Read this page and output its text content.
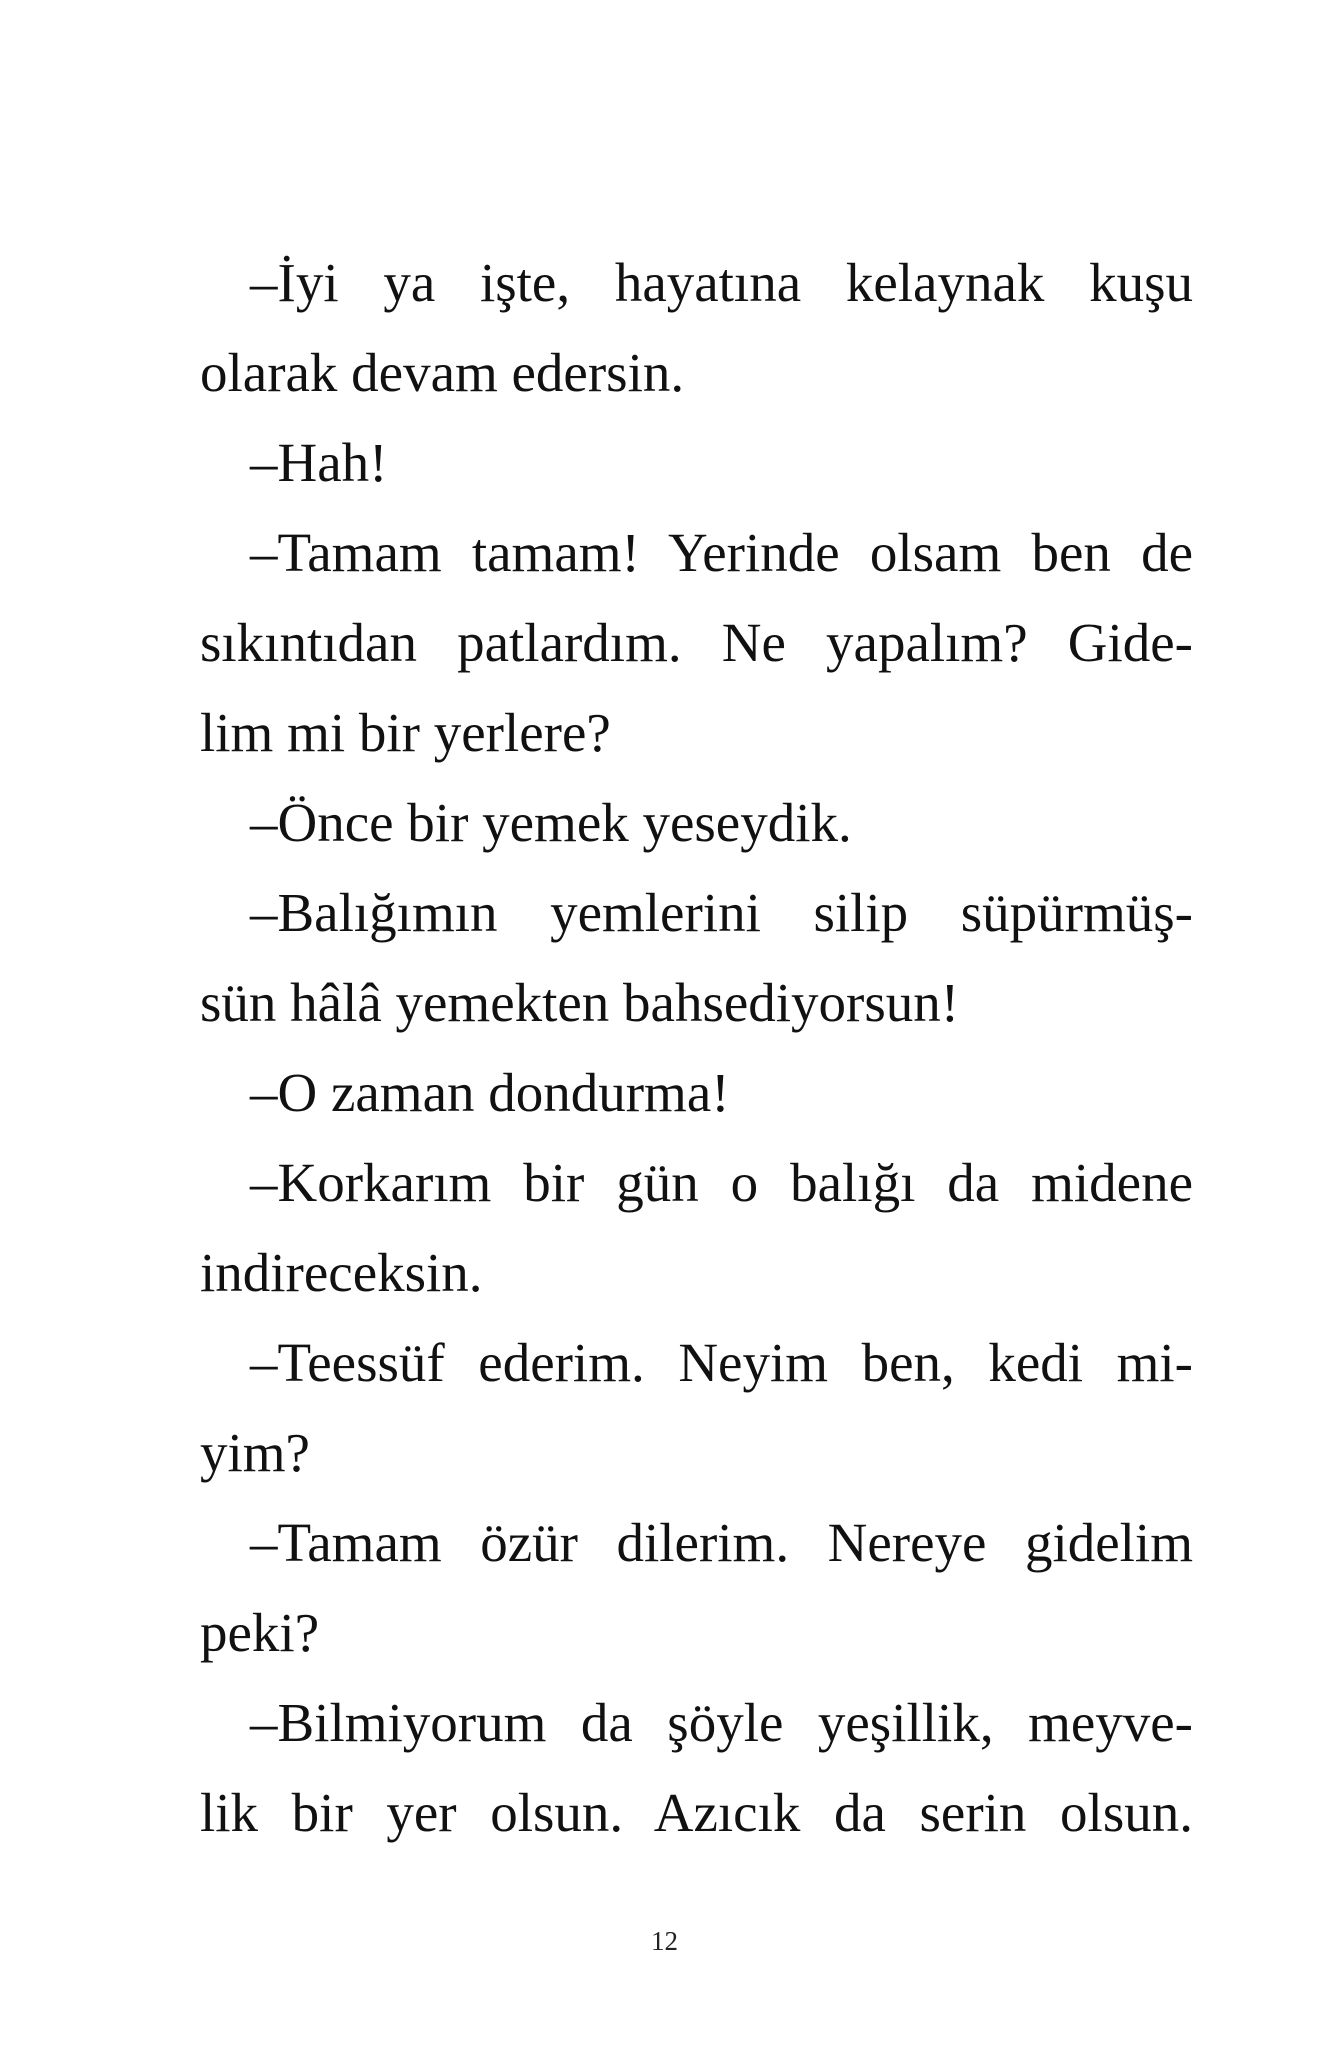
–İyi ya işte, hayatına kelaynak kuşu
olarak devam edersin.
–Hah!
–Tamam tamam! Yerinde olsam ben de
sıkıntıdan patlardım. Ne yapalım? Gide-
lim mi bir yerlere?
–Önce bir yemek yeseydik.
–Balığımın yemlerini silip süpürmüş-
sün hâlâ yemekten bahsediyorsun!
–O zaman dondurma!
–Korkarım bir gün o balığı da midene
indireceksin.
–Teessüf ederim. Neyim ben, kedi mi-
yim?
–Tamam özür dilerim. Nereye gidelim
peki?
–Bilmiyorum da şöyle yeşillik, meyve-
lik bir yer olsun. Azıcık da serin olsun.
12
